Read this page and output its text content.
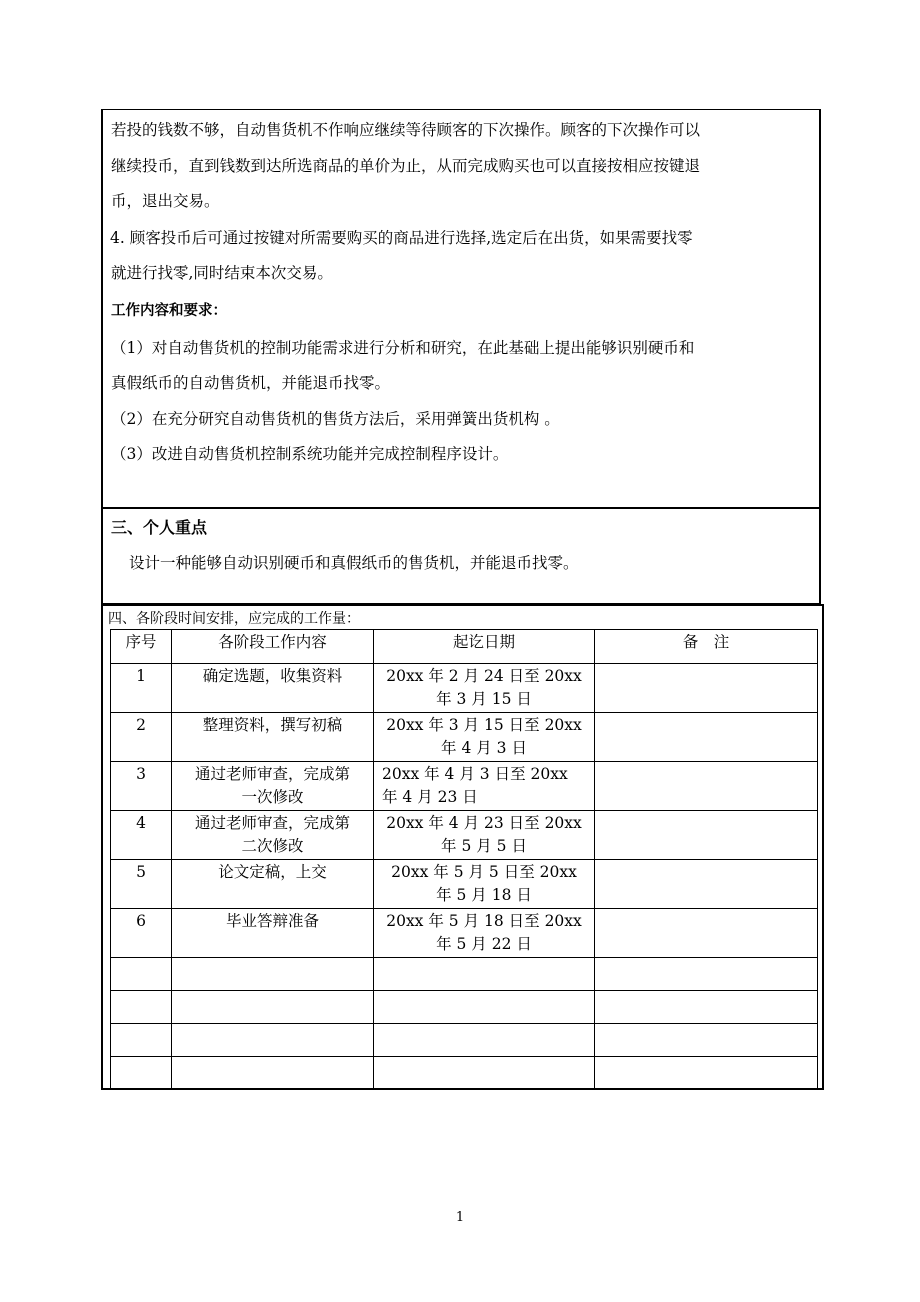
若投的钱数不够，自动售货机不作响应继续等待顾客的下次操作。顾客的下次操作可以
继续投币，直到钱数到达所选商品的单价为止，从而完成购买也可以直接按相应按键退
币，退出交易。
4. 顾客投币后可通过按键对所需要购买的商品进行选择,选定后在出货，如果需要找零
就进行找零,同时结束本次交易。
工作内容和要求：
（1）对自动售货机的控制功能需求进行分析和研究，在此基础上提出能够识别硬币和
真假纸币的自动售货机，并能退币找零。
（2）在充分研究自动售货机的售货方法后，采用弹簧出货机构 。
（3）改进自动售货机控制系统功能并完成控制程序设计。
三、个人重点
设计一种能够自动识别硬币和真假纸币的售货机，并能退币找零。
四、各阶段时间安排，应完成的工作量：
序号	各阶段工作内容	起讫日期	备　注
1	确定选题，收集资料	20xx 年 2 月 24 日至 20xx
年 3 月 15 日	

2	整理资料，撰写初稿	20xx 年 3 月 15 日至 20xx
年 4 月 3 日	

3	通过老师审查，完成第
一次修改	20xx 年 4 月 3 日至 20xx
年 4 月 23 日	

4	通过老师审查，完成第
二次修改	20xx 年 4 月 23 日至 20xx
年 5 月 5 日	

5	论文定稿，上交	20xx 年 5 月 5 日至 20xx
年 5 月 18 日	

6	毕业答辩准备	20xx 年 5 月 18 日至 20xx
年 5 月 22 日	

1
